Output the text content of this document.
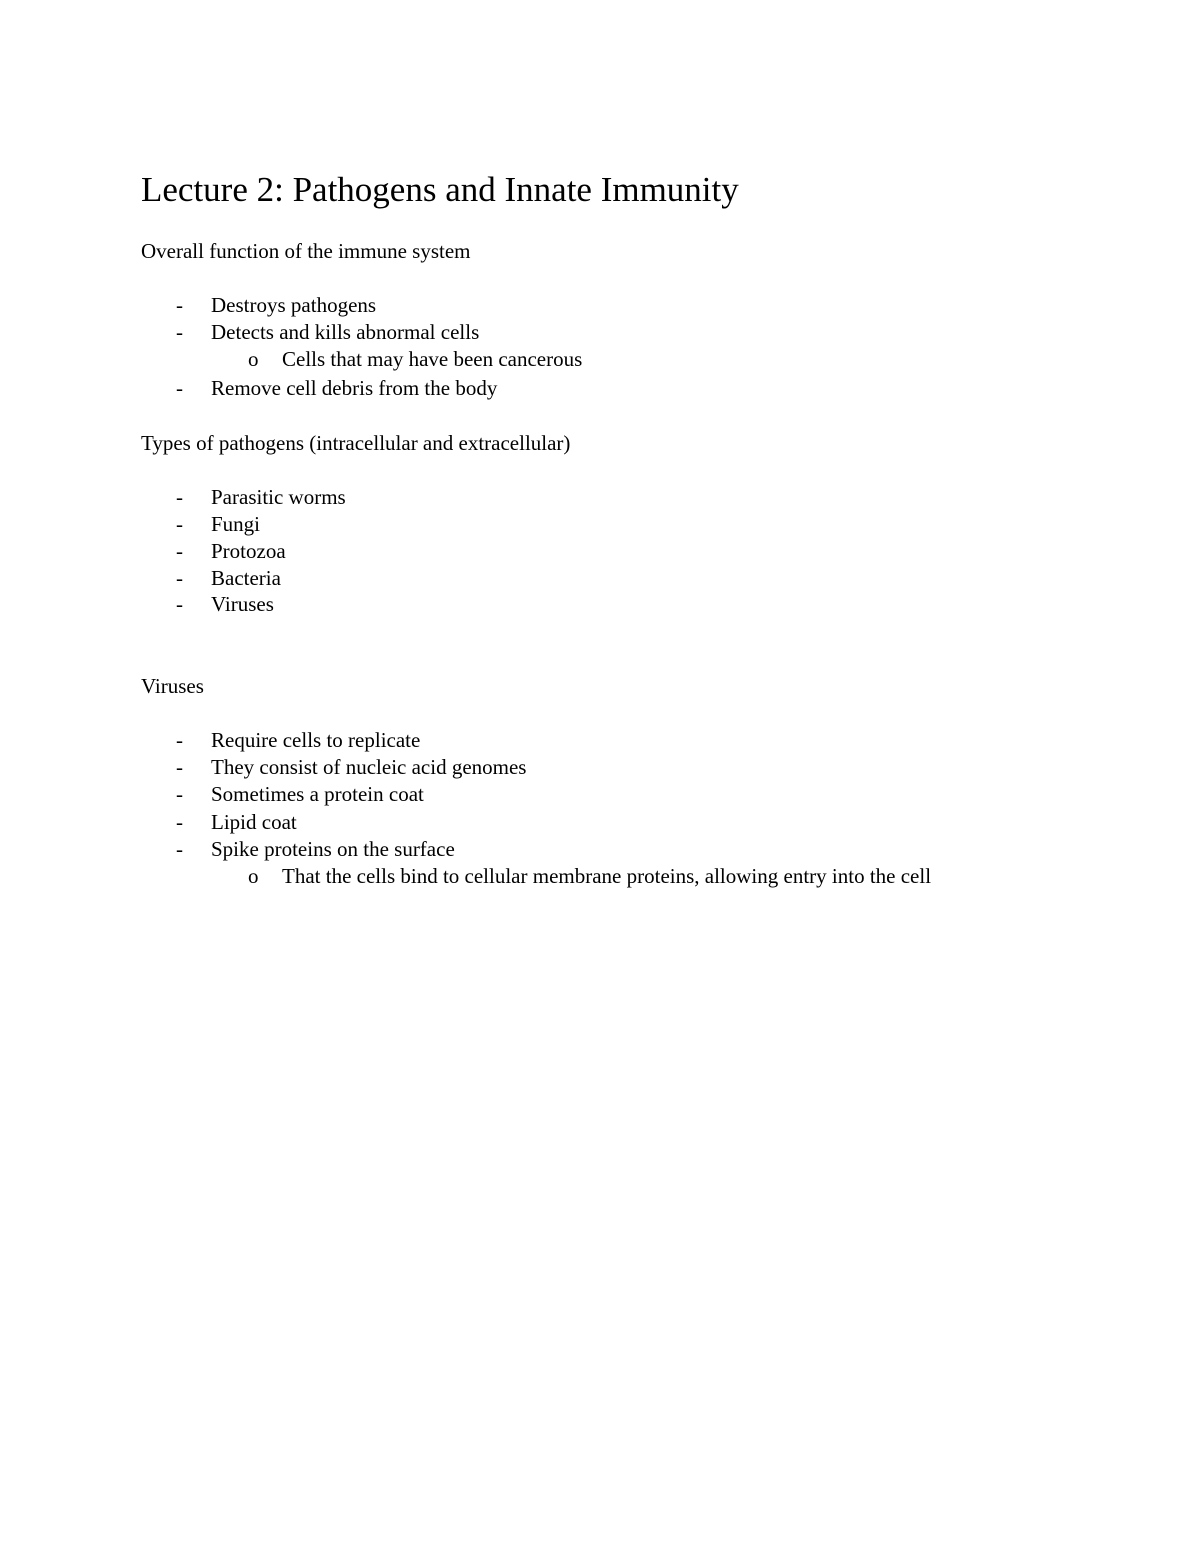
Lecture 2: Pathogens and Innate Immunity
Overall function of the immune system
- Destroys pathogens
- Detects and kills abnormal cells
o Cells that may have been cancerous
- Remove cell debris from the body
Types of pathogens (intracellular and extracellular)
- Parasitic worms
- Fungi
- Protozoa
- Bacteria
- Viruses
Viruses
- Require cells to replicate
- They consist of nucleic acid genomes
- Sometimes a protein coat
- Lipid coat
- Spike proteins on the surface
o That the cells bind to cellular membrane proteins, allowing entry into the cell
